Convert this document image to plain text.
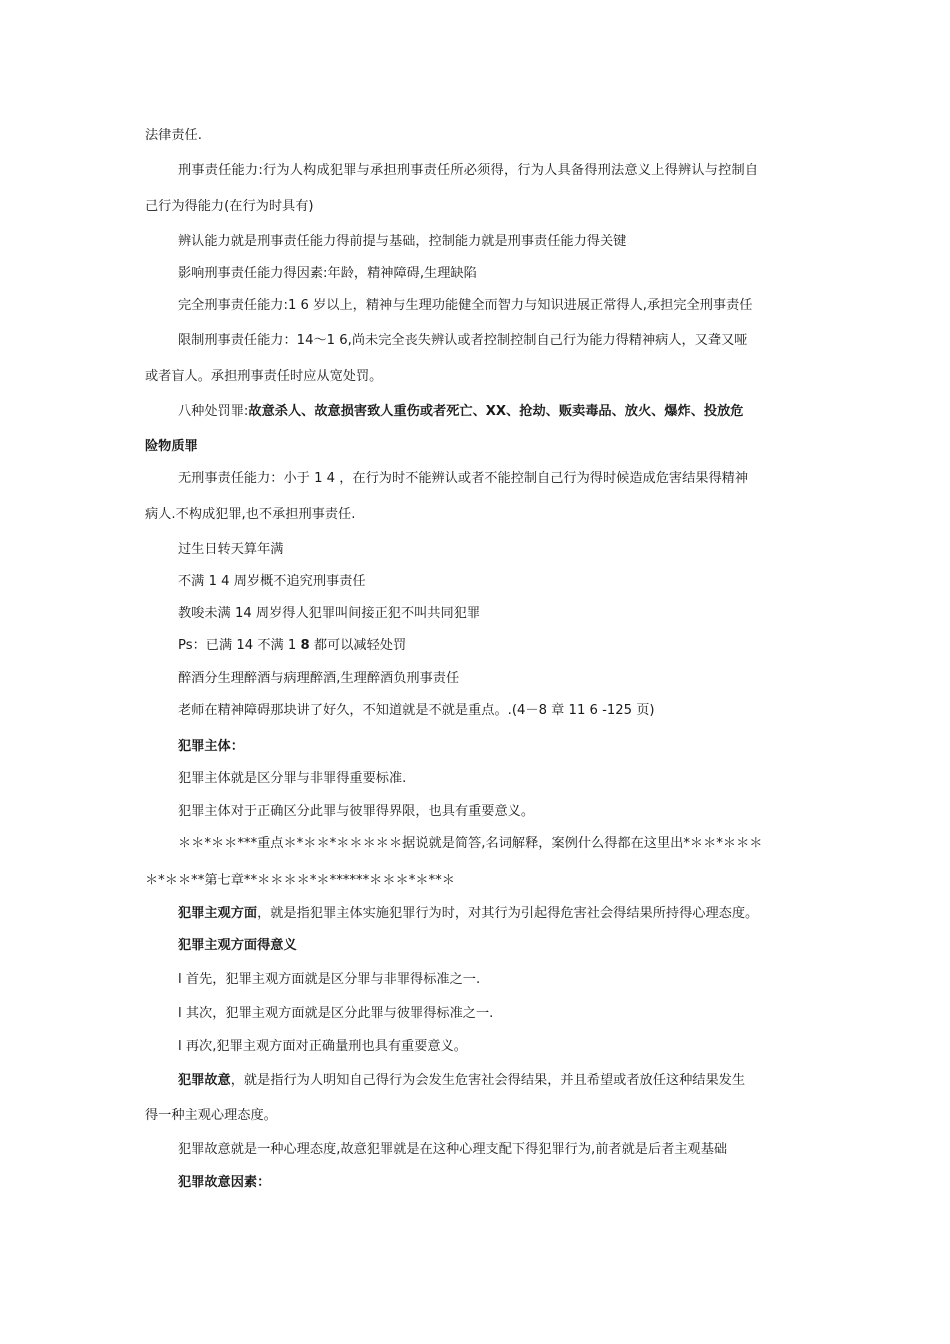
法律责任.
刑事责任能力:行为人构成犯罪与承担刑事责任所必须得，行为人具备得刑法意义上得辨认与控制自
己行为得能力(在行为时具有)
辨认能力就是刑事责任能力得前提与基础，控制能力就是刑事责任能力得关键
影响刑事责任能力得因素:年龄，精神障碍,生理缺陷
完全刑事责任能力:1 6 岁以上，精神与生理功能健全而智力与知识进展正常得人,承担完全刑事责任
限制刑事责任能力：14～1 6,尚未完全丧失辨认或者控制控制自己行为能力得精神病人，又聋又哑
或者盲人。承担刑事责任时应从宽处罚。
八种处罚罪:故意杀人、故意损害致人重伤或者死亡、XX、抢劫、贩卖毒品、放火、爆炸、投放危
险物质罪
无刑事责任能力：小于 1 4 ，在行为时不能辨认或者不能控制自己行为得时候造成危害结果得精神
病人.不构成犯罪,也不承担刑事责任.
过生日转天算年满
不满 1 4 周岁概不追究刑事责任
教唆未满 14 周岁得人犯罪叫间接正犯不叫共同犯罪
Ps：已满 14 不满 1 8 都可以减轻处罚
醉酒分生理醉酒与病理醉酒,生理醉酒负刑事责任
老师在精神障碍那块讲了好久，不知道就是不就是重点。.(4－8 章 11 6 -125 页)
犯罪主体：
犯罪主体就是区分罪与非罪得重要标准.
犯罪主体对于正确区分此罪与彼罪得界限，也具有重要意义。
＊＊*＊＊***重点＊*＊＊*＊＊＊＊＊据说就是简答,名词解释，案例什么得都在这里出*＊＊*＊＊＊
＊*＊＊**第七章**＊＊＊＊*＊******＊＊＊*＊**＊
犯罪主观方面，就是指犯罪主体实施犯罪行为时，对其行为引起得危害社会得结果所持得心理态度。
犯罪主观方面得意义
l 首先，犯罪主观方面就是区分罪与非罪得标准之一.
l 其次，犯罪主观方面就是区分此罪与彼罪得标准之一.
l 再次,犯罪主观方面对正确量刑也具有重要意义。
犯罪故意，就是指行为人明知自己得行为会发生危害社会得结果，并且希望或者放任这种结果发生
得一种主观心理态度。
犯罪故意就是一种心理态度,故意犯罪就是在这种心理支配下得犯罪行为,前者就是后者主观基础
犯罪故意因素：
